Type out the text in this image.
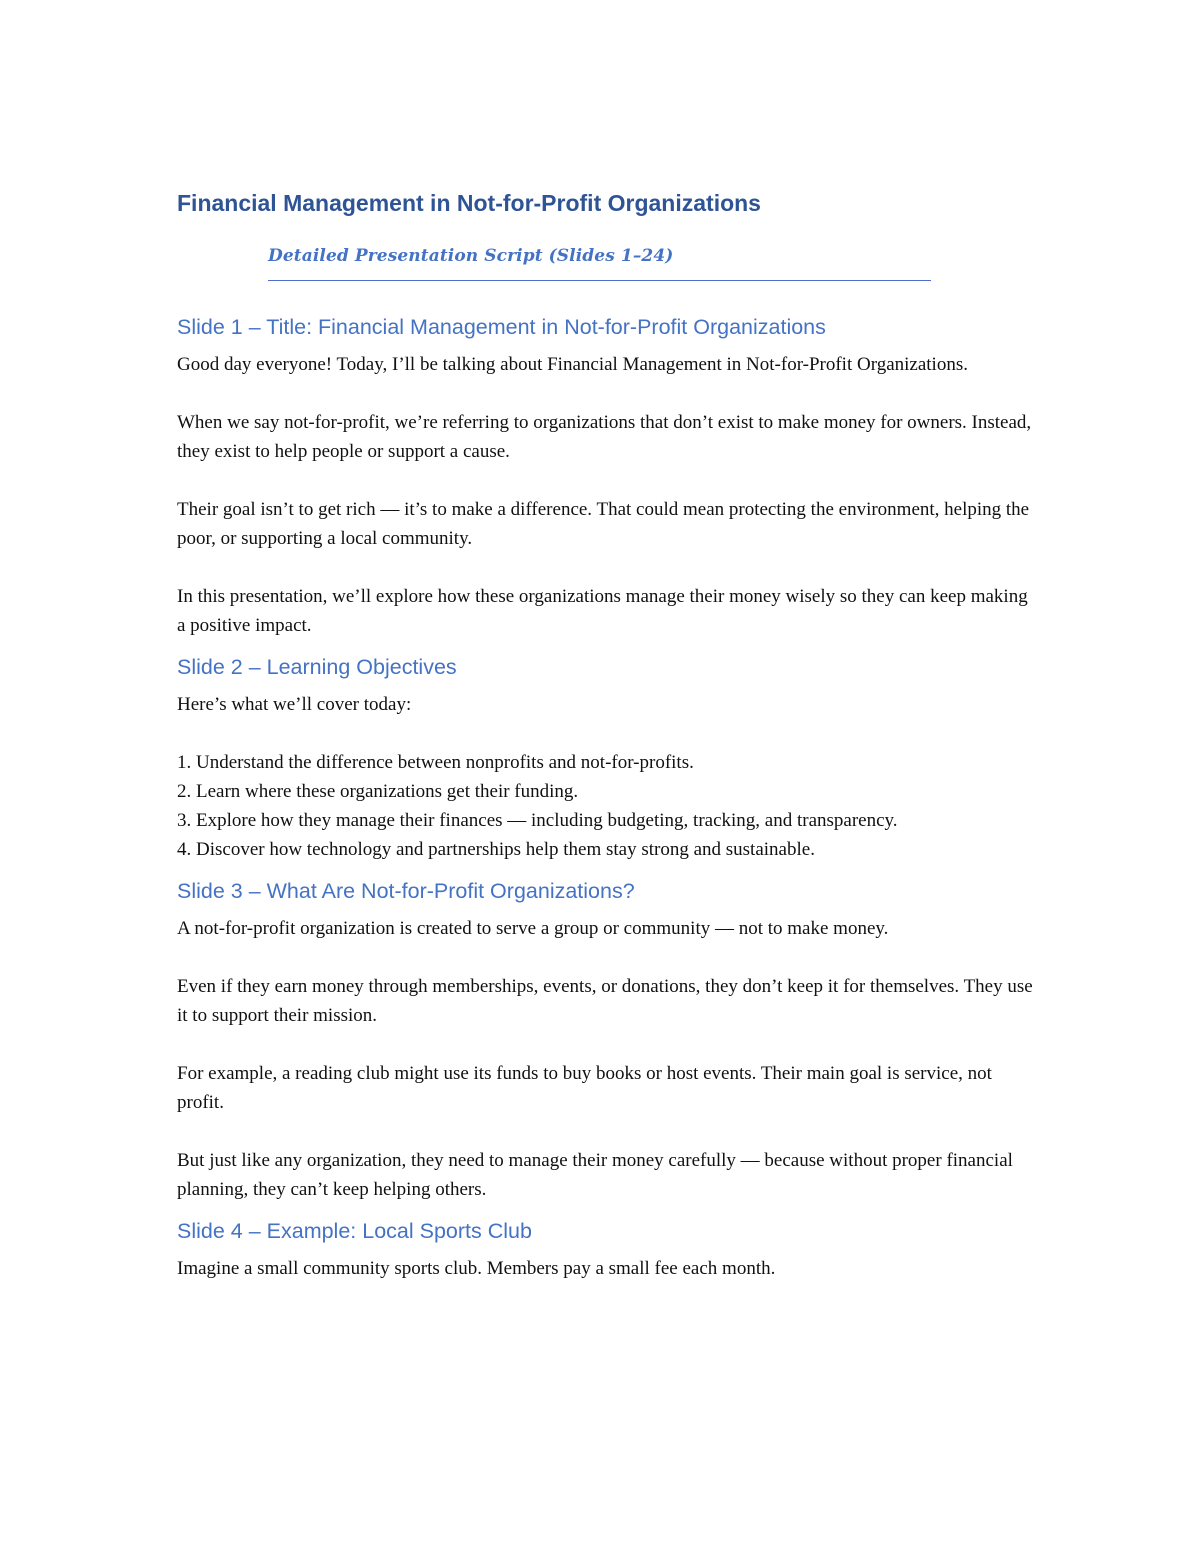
Financial Management in Not-for-Profit Organizations

Detailed Presentation Script (Slides 1–24)

Slide 1 – Title: Financial Management in Not-for-Profit Organizations

Good day everyone! Today, I’ll be talking about Financial Management in Not-for-Profit Organizations.

When we say not-for-profit, we’re referring to organizations that don’t exist to make money for owners. Instead, they exist to help people or support a cause.

Their goal isn’t to get rich — it’s to make a difference. That could mean protecting the environment, helping the poor, or supporting a local community.

In this presentation, we’ll explore how these organizations manage their money wisely so they can keep making a positive impact.

Slide 2 – Learning Objectives

Here’s what we’ll cover today:

1. Understand the difference between nonprofits and not-for-profits.
2. Learn where these organizations get their funding.
3. Explore how they manage their finances — including budgeting, tracking, and transparency.
4. Discover how technology and partnerships help them stay strong and sustainable.
Slide 3 – What Are Not-for-Profit Organizations?

A not-for-profit organization is created to serve a group or community — not to make money.

Even if they earn money through memberships, events, or donations, they don’t keep it for themselves. They use it to support their mission.

For example, a reading club might use its funds to buy books or host events. Their main goal is service, not profit.

But just like any organization, they need to manage their money carefully — because without proper financial planning, they can’t keep helping others.

Slide 4 – Example: Local Sports Club

Imagine a small community sports club. Members pay a small fee each month.
